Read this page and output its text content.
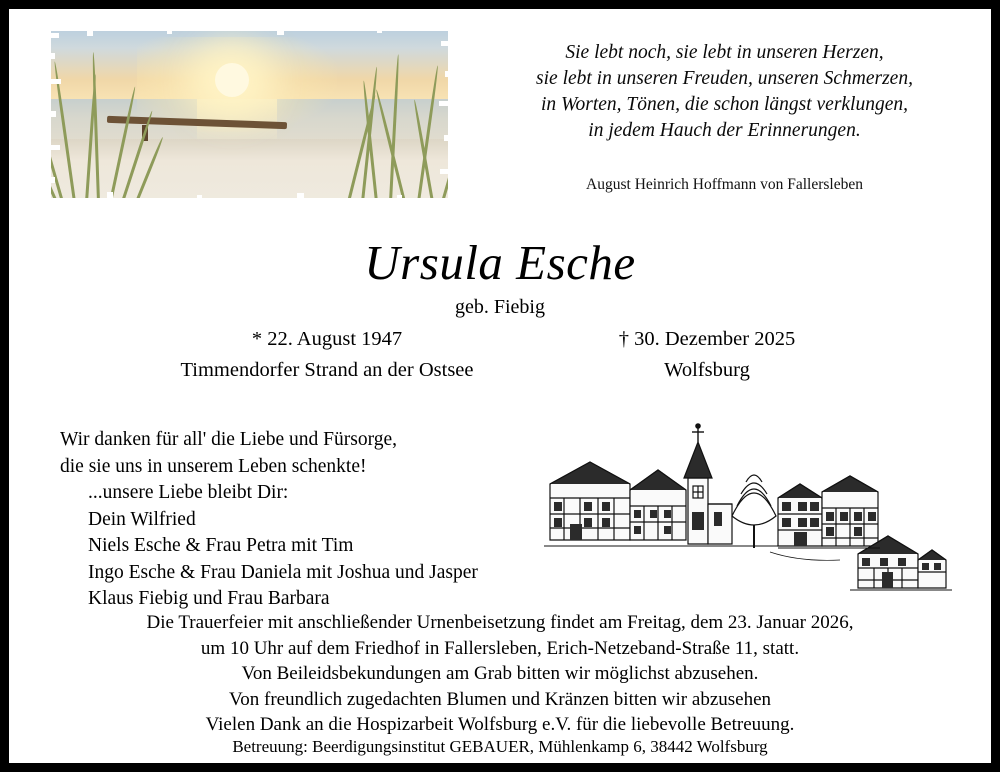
Sie lebt noch, sie lebt in unseren Herzen,
sie lebt in unseren Freuden, unseren Schmerzen,
in Worten, Tönen, die schon längst verklungen,
in jedem Hauch der Erinnerungen.
August Heinrich Hoffmann von Fallersleben
Ursula Esche
geb. Fiebig
* 22. August 1947
Timmendorfer Strand an der Ostsee
† 30. Dezember 2025
Wolfsburg
Wir danken für all' die Liebe und Fürsorge,
die sie uns in unserem Leben schenkte!
...unsere Liebe bleibt Dir:
Dein Wilfried
Niels Esche & Frau Petra mit Tim
Ingo Esche & Frau Daniela mit Joshua und Jasper
Klaus Fiebig und Frau Barbara
Die Trauerfeier mit anschließender Urnenbeisetzung findet am Freitag, dem 23. Januar 2026,
um 10 Uhr auf dem Friedhof in Fallersleben, Erich-Netzeband-Straße 11, statt.
Von Beileidsbekundungen am Grab bitten wir möglichst abzusehen.
Von freundlich zugedachten Blumen und Kränzen bitten wir abzusehen
Vielen Dank an die Hospizarbeit Wolfsburg e.V. für die liebevolle Betreuung.
Betreuung: Beerdigungsinstitut GEBAUER, Mühlenkamp 6, 38442 Wolfsburg
